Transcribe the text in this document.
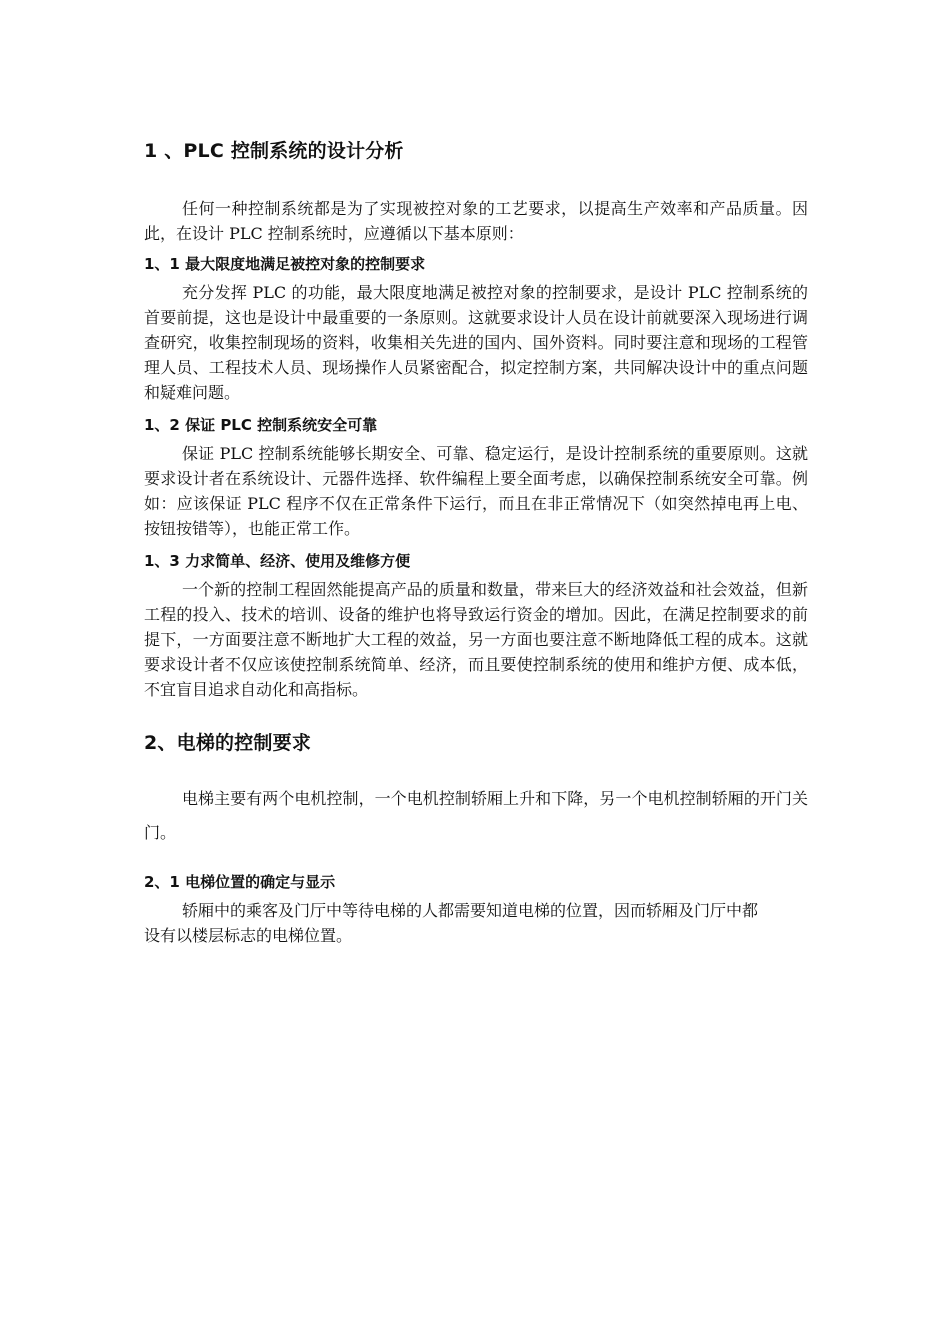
1 、PLC 控制系统的设计分析

任何一种控制系统都是为了实现被控对象的工艺要求，以提高生产效率和产品质量。因此，在设计 PLC 控制系统时，应遵循以下基本原则：

1、1 最大限度地满足被控对象的控制要求

充分发挥 PLC 的功能，最大限度地满足被控对象的控制要求，是设计 PLC 控制系统的首要前提，这也是设计中最重要的一条原则。这就要求设计人员在设计前就要深入现场进行调查研究，收集控制现场的资料，收集相关先进的国内、国外资料。同时要注意和现场的工程管理人员、工程技术人员、现场操作人员紧密配合，拟定控制方案，共同解决设计中的重点问题和疑难问题。

1、2 保证 PLC 控制系统安全可靠

保证 PLC 控制系统能够长期安全、可靠、稳定运行，是设计控制系统的重要原则。这就要求设计者在系统设计、元器件选择、软件编程上要全面考虑，以确保控制系统安全可靠。例如：应该保证 PLC 程序不仅在正常条件下运行，而且在非正常情况下（如突然掉电再上电、按钮按错等），也能正常工作。

1、3 力求简单、经济、使用及维修方便

一个新的控制工程固然能提高产品的质量和数量，带来巨大的经济效益和社会效益，但新工程的投入、技术的培训、设备的维护也将导致运行资金的增加。因此，在满足控制要求的前提下，一方面要注意不断地扩大工程的效益，另一方面也要注意不断地降低工程的成本。这就要求设计者不仅应该使控制系统简单、经济，而且要使控制系统的使用和维护方便、成本低，不宜盲目追求自动化和高指标。

2、电梯的控制要求

电梯主要有两个电机控制，一个电机控制轿厢上升和下降，另一个电机控制轿厢的开门关门。

2、1 电梯位置的确定与显示

轿厢中的乘客及门厅中等待电梯的人都需要知道电梯的位置，因而轿厢及门厅中都

设有以楼层标志的电梯位置。
